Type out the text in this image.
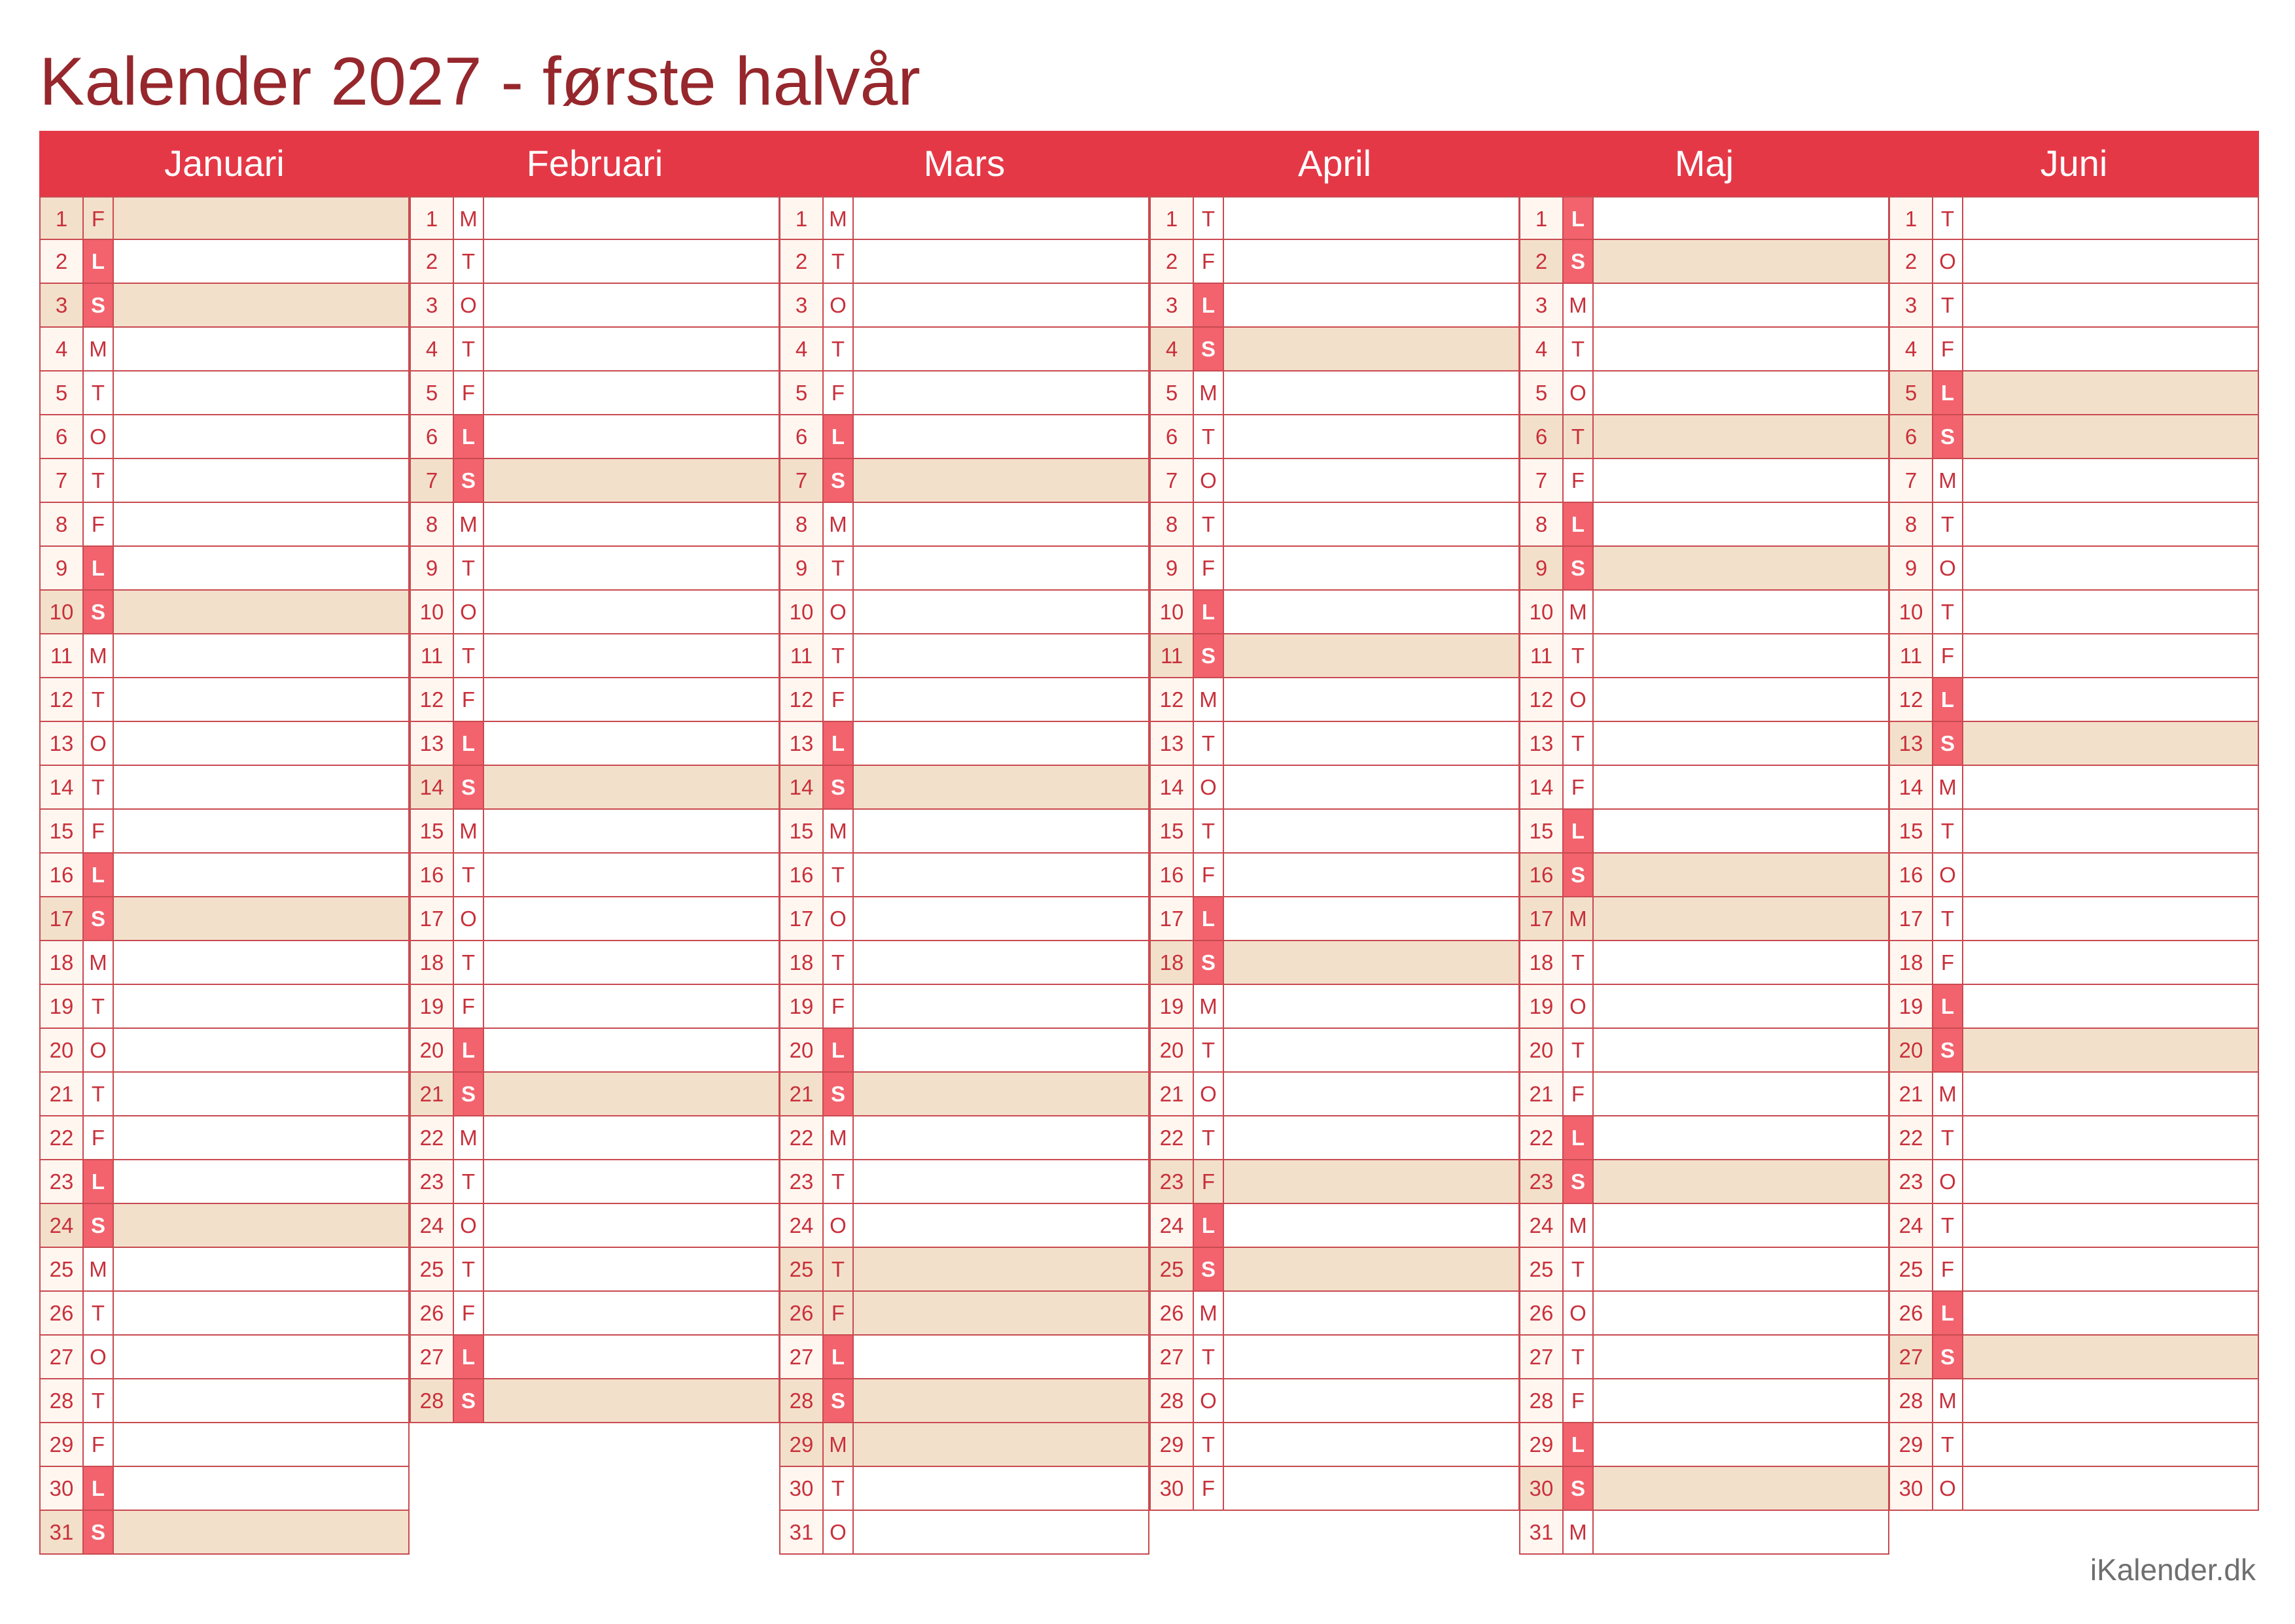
Kalender 2027 - første halvår
Januari
1	F
2	L
3	S
4	M
5	T
6	O
7	T
8	F
9	L
10 S
11 M
12 T
13 O
14 T
15 F
16 L
17 S
18 M
19 T
20 O
21 T
22 F
23 L
24 S
25 M
26 T
27 O
28 T
29 F
30 L
31 S
Februari
1	M
2	T
3	O
4	T
5	F
6	L
7	S
8	M
9	T
10 O
11 T
12 F
13 L
14 S
15 M
16 T
17 O
18 T
19 F
20 L
21 S
22 M
23 T
24 O
25 T
26 F
27 L
28 S
Mars
1	M
2	T
3	O
4	T
5	F
6	L
7	S
8	M
9	T
10 O
11 T
12 F
13 L
14 S
15 M
16 T
17 O
18 T
19 F
20 L
21 S
22 M
23 T
24 O
25 T
26 F
27 L
28 S
29 M
30 T
31 O
April
1	T
2	F
3	L
4	S
5	M
6	T
7	O
8	T
9	F
10 L
11 S
12 M
13 T
14 O
15 T
16 F
17 L
18 S
19 M
20 T
21 O
22 T
23 F
24 L
25 S
26 M
27 T
28 O
29 T
30 F
Maj
1	L
2	S
3	M
4	T
5	O
6	T
7	F
8	L
9	S
10 M
11 T
12 O
13 T
14 F
15 L
16 S
17 M
18 T
19 O
20 T
21 F
22 L
23 S
24 M
25 T
26 O
27 T
28 F
29 L
30 S
31 M
Juni
1	T
2	O
3	T
4	F
5	L
6	S
7	M
8	T
9	O
10 T
11 F
12 L
13 S
14 M
15 T
16 O
17 T
18 F
19 L
20 S
21 M
22 T
23 O
24 T
25 F
26 L
27 S
28 M
29 T
30 O
iKalender.dk
